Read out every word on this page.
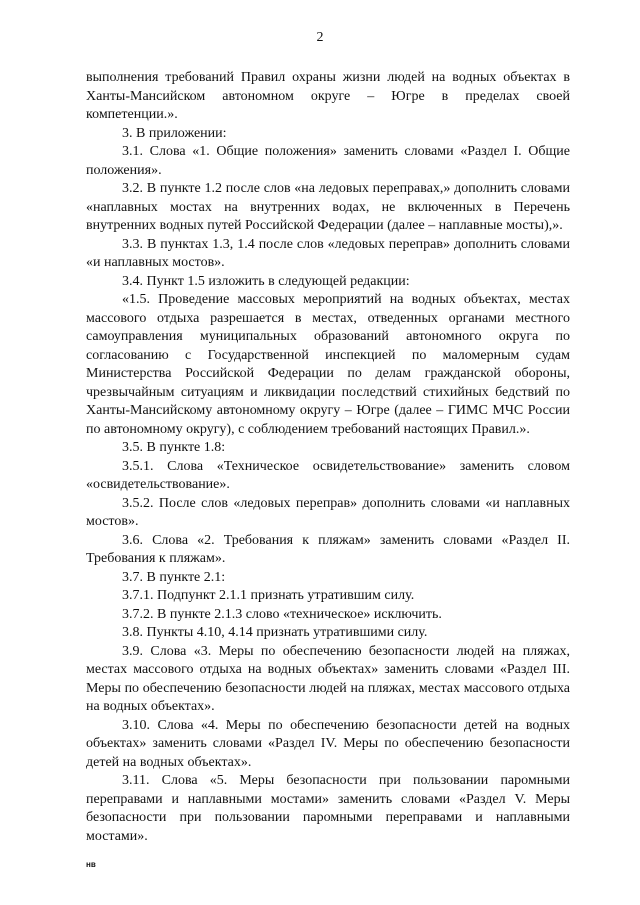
2

выполнения требований Правил охраны жизни людей на водных объектах в Ханты-Мансийском автономном округе – Югре в пределах своей компетенции.».

3. В приложении:

3.1. Слова «1. Общие положения» заменить словами «Раздел I. Общие положения».

3.2. В пункте 1.2 после слов «на ледовых переправах,» дополнить словами «наплавных мостах на внутренних водах, не включенных в Перечень внутренних водных путей Российской Федерации (далее – наплавные мосты),».

3.3. В пунктах 1.3, 1.4 после слов «ледовых переправ» дополнить словами «и наплавных мостов».

3.4. Пункт 1.5 изложить в следующей редакции:

«1.5. Проведение массовых мероприятий на водных объектах, местах массового отдыха разрешается в местах, отведенных органами местного самоуправления муниципальных образований автономного округа по согласованию с Государственной инспекцией по маломерным судам Министерства Российской Федерации по делам гражданской обороны, чрезвычайным ситуациям и ликвидации последствий стихийных бедствий по Ханты-Мансийскому автономному округу – Югре (далее – ГИМС МЧС России по автономному округу), с соблюдением требований настоящих Правил.».

3.5. В пункте 1.8:

3.5.1. Слова «Техническое освидетельствование» заменить словом «освидетельствование».

3.5.2. После слов «ледовых переправ» дополнить словами «и наплавных мостов».

3.6. Слова «2. Требования к пляжам» заменить словами «Раздел II. Требования к пляжам».

3.7. В пункте 2.1:

3.7.1. Подпункт 2.1.1 признать утратившим силу.

3.7.2. В пункте 2.1.3 слово «техническое» исключить.

3.8. Пункты 4.10, 4.14 признать утратившими силу.

3.9. Слова «3. Меры по обеспечению безопасности людей на пляжах, местах массового отдыха на водных объектах» заменить словами «Раздел III. Меры по обеспечению безопасности людей на пляжах, местах массового отдыха на водных объектах».

3.10. Слова «4. Меры по обеспечению безопасности детей на водных объектах» заменить словами «Раздел IV. Меры по обеспечению безопасности детей на водных объектах».

3.11. Слова «5. Меры безопасности при пользовании паромными переправами и наплавными мостами» заменить словами «Раздел V. Меры безопасности при пользовании паромными переправами и наплавными мостами».

нв
